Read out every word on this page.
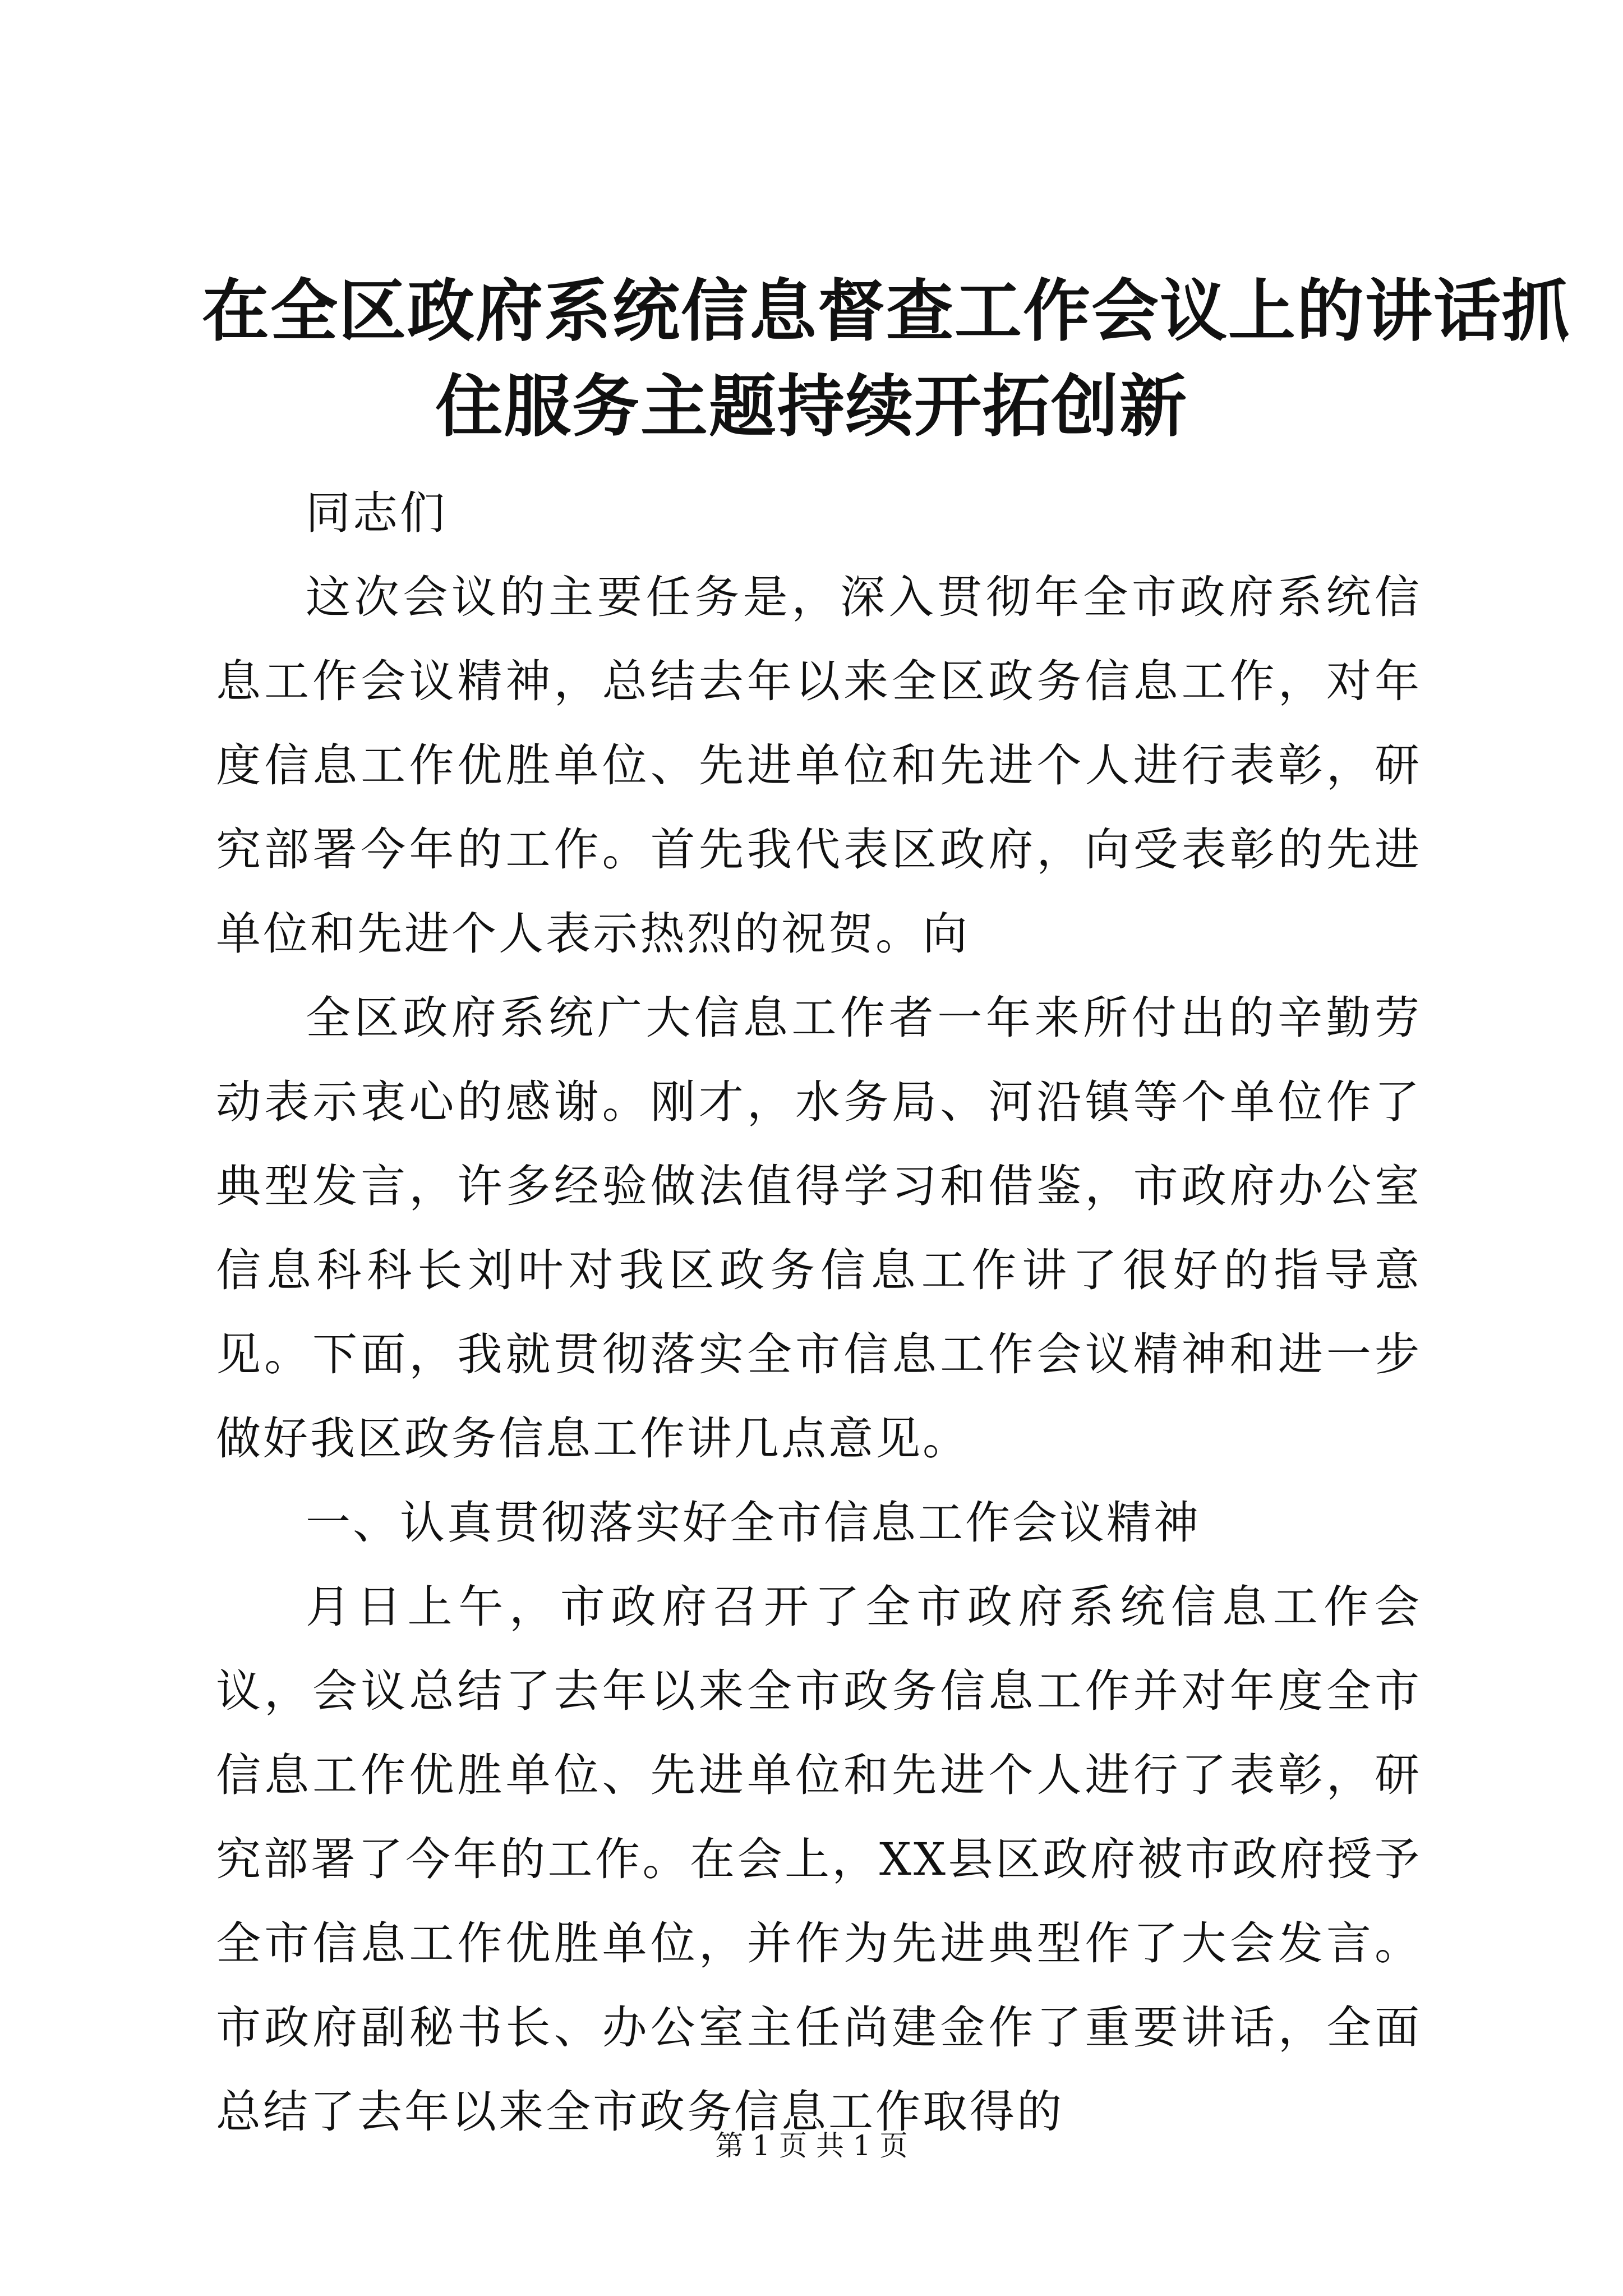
在全区政府系统信息督查工作会议上的讲话抓
住服务主题持续开拓创新

同志们

这次会议的主要任务是，深入贯彻年全市政府系统信息工作会议精神，总结去年以来全区政务信息工作，对年度信息工作优胜单位、先进单位和先进个人进行表彰，研究部署今年的工作。首先我代表区政府，向受表彰的先进单位和先进个人表示热烈的祝贺。向

全区政府系统广大信息工作者一年来所付出的辛勤劳动表示衷心的感谢。刚才，水务局、河沿镇等个单位作了典型发言，许多经验做法值得学习和借鉴，市政府办公室信息科科长刘叶对我区政务信息工作讲了很好的指导意见。下面，我就贯彻落实全市信息工作会议精神和进一步做好我区政务信息工作讲几点意见。

一、认真贯彻落实好全市信息工作会议精神

月日上午，市政府召开了全市政府系统信息工作会议，会议总结了去年以来全市政务信息工作并对年度全市信息工作优胜单位、先进单位和先进个人进行了表彰，研究部署了今年的工作。在会上，XX县区政府被市政府授予全市信息工作优胜单位，并作为先进典型作了大会发言。市政府副秘书长、办公室主任尚建金作了重要讲话，全面总结了去年以来全市政务信息工作取得的

第 1 页 共 1 页
